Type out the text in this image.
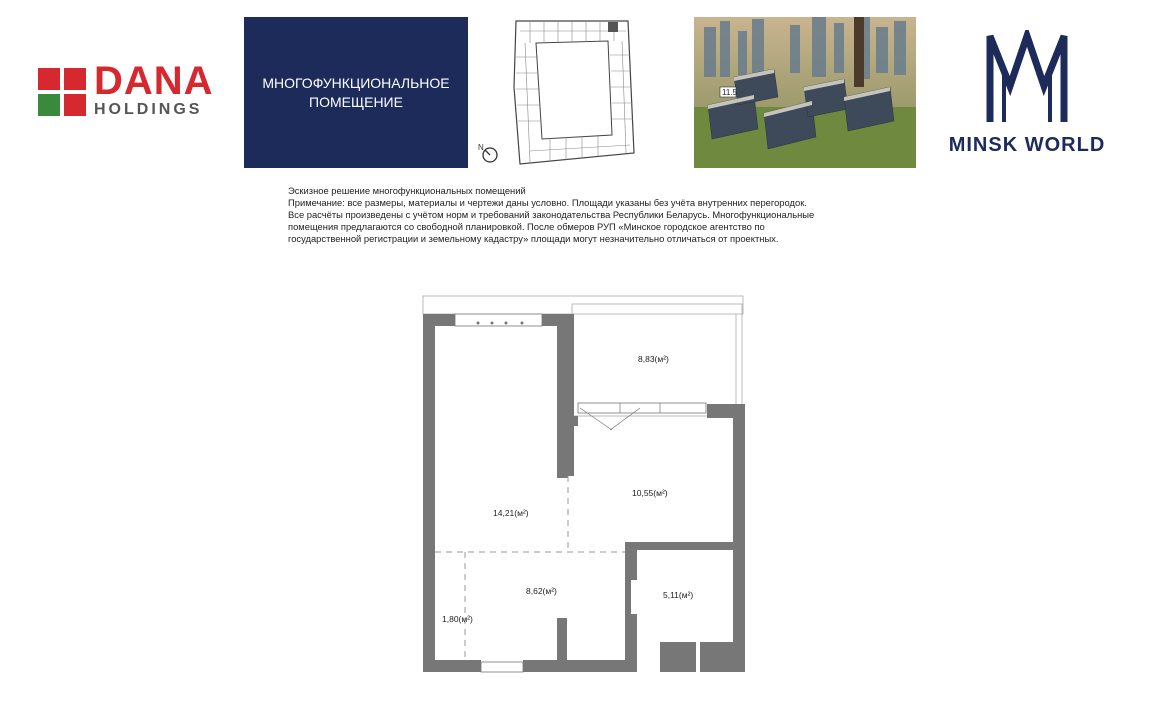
DANA
HOLDINGS
МНОГОФУНКЦИОНАЛЬНОЕ
ПОМЕЩЕНИЕ
N
11.5
MINSK WORLD
Эскизное решение многофункциональных помещений
Примечание: все размеры, материалы и чертежи даны условно. Площади указаны без учёта внутренних перегородок.
Все расчёты произведены с учётом норм и требований законодательства Республики Беларусь. Многофункциональные
помещения предлагаются со свободной планировкой. После обмеров РУП «Минское городское агентство по
государственной регистрации и земельному кадастру» площади могут незначительно отличаться от проектных.
8,83(м²)
10,55(м²)
14,21(м²)
8,62(м²)	5,11(м²)
1,80(м²)
